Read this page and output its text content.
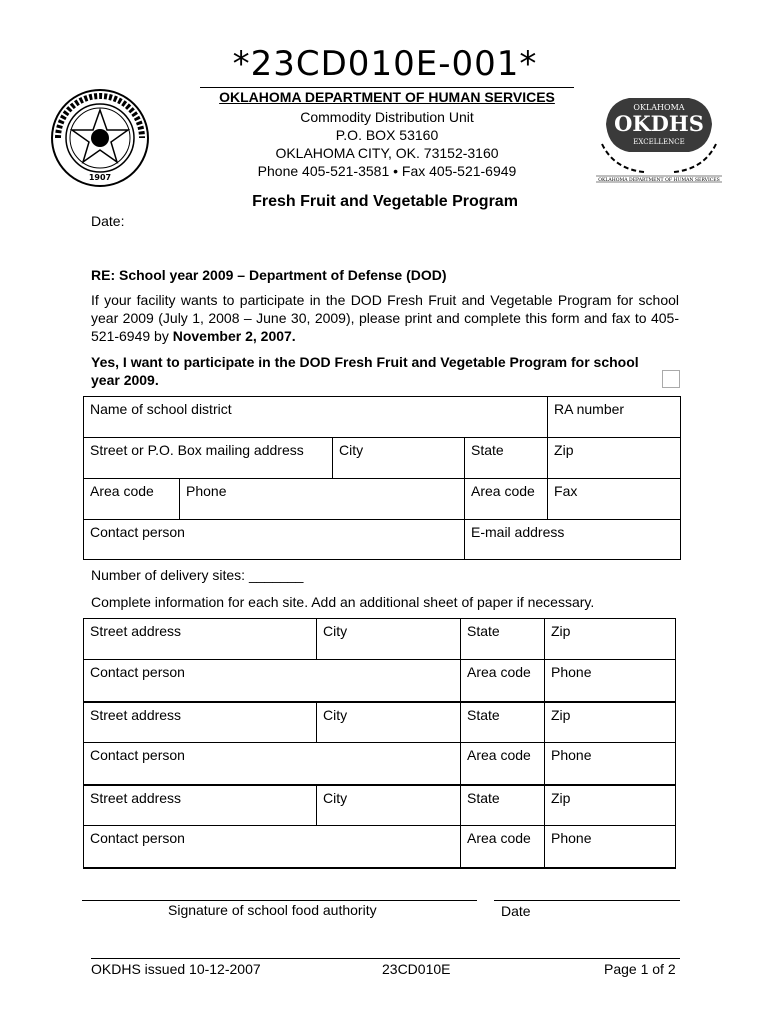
*23CD010E-001*
1907
OKLAHOMA DEPARTMENT OF HUMAN SERVICES
Commodity Distribution Unit
P.O. BOX 53160
OKLAHOMA CITY, OK. 73152-3160
Phone 405-521-3581 • Fax 405-521-6949
OKLAHOMA
OKDHS
EXCELLENCE
OKLAHOMA DEPARTMENT OF HUMAN SERVICES
Fresh Fruit and Vegetable Program
Date:
RE: School year 2009 – Department of Defense (DOD)
If your facility wants to participate in the DOD Fresh Fruit and Vegetable Program for school year 2009 (July 1, 2008 – June 30, 2009), please print and complete this form and fax to 405-521-6949 by November 2, 2007.
Yes, I want to participate in the DOD Fresh Fruit and Vegetable Program for school year 2009.
Name of school district				RA number
Street or P.O. Box mailing address		City	State	Zip
Area code	Phone		Area code	Fax
Contact person			E-mail address	
Number of delivery sites: _______
Complete information for each site. Add an additional sheet of paper if necessary.
Street address	City	State	Zip
Contact person		Area code	Phone
Street address	City	State	Zip
Contact person		Area code	Phone
Street address	City	State	Zip
Contact person		Area code	Phone
Signature of school food authority	Date
OKDHS issued 10-12-2007	23CD010E	Page 1 of 2
